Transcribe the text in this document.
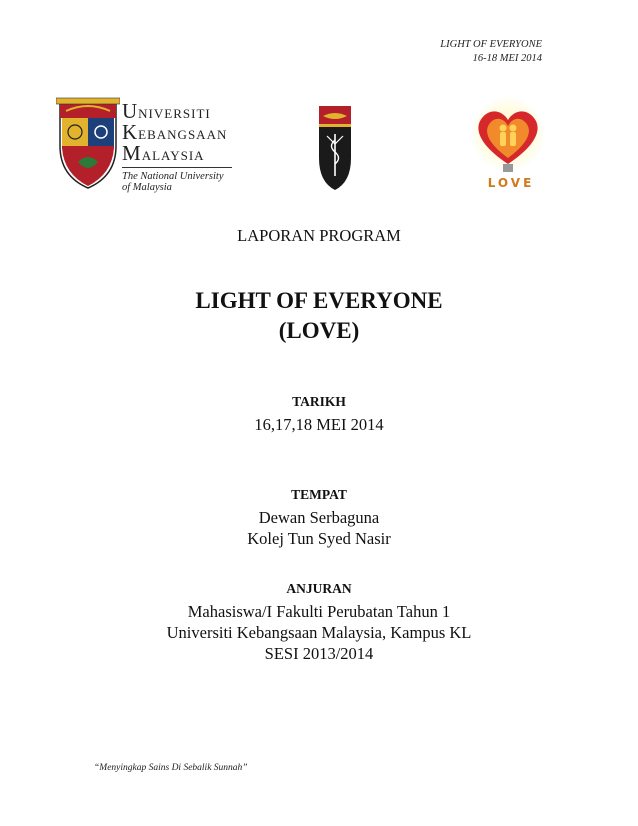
LIGHT OF EVERYONE
16-18 MEI 2014
UNIVERSITI
KEBANGSAAN
MALAYSIA
The National University
of Malaysia	LOVE
LAPORAN PROGRAM
LIGHT OF EVERYONE
(LOVE)
TARIKH
16,17,18 MEI 2014
TEMPAT
Dewan Serbaguna
Kolej Tun Syed Nasir
ANJURAN
Mahasiswa/I Fakulti Perubatan Tahun 1
Universiti Kebangsaan Malaysia, Kampus KL
SESI 2013/2014
“Menyingkap Sains Di Sebalik Sunnah”
